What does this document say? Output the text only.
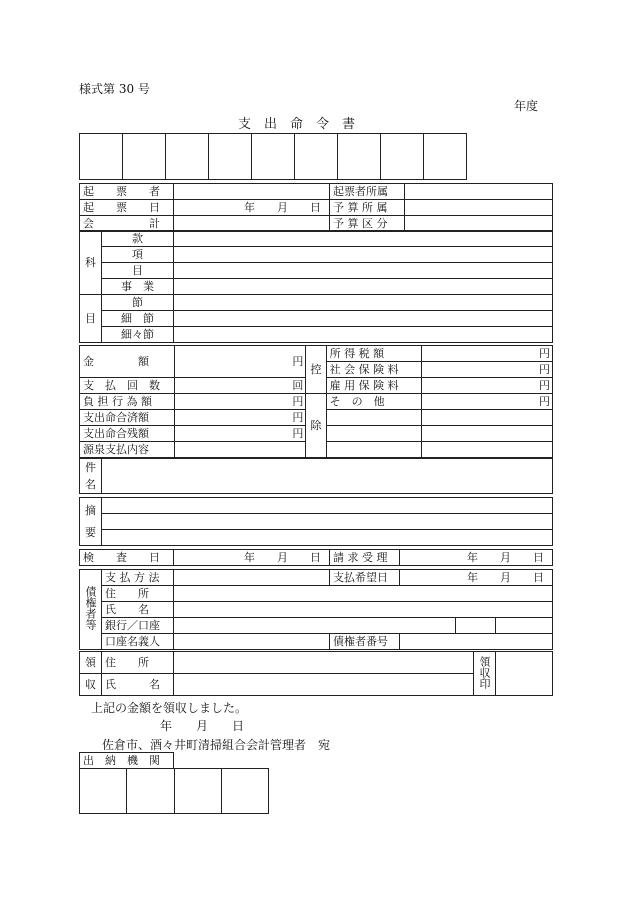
様式第 30 号
年度
支　出　命　令　書

起　　票　　者		起票者所属	
起　　票　　日	年　　月　　日	予 算 所 属	
会　　　　　計		予 算 区 分	
科	款	
	項	
	目	
	事　業	
目	節	
	細　節	
	細々節	
金　　　　額		円	控	所 得 税 額		円
				社 会 保 険 料		円
支　払　回　数		回		雇 用 保 険 料		円
負 担 行 為 額		円	除	そ　の　他		円
支出命合済額		円				
支出命合残額		円				
源泉支払内容						
件
名	
摘
要	

検　　査　　日	年　　月　　日	請 求 受 理	年　　月　　日
債権者等	支 払 方 法		支払希望日	年　　月　　日		
	住　　所					
	氏　　名					
	銀行／口座					
	口座名義人		債権者番号			
領	住　　所		領収印	
収	氏　　　名			
上記の金額を領収しました。
年　　月　　日
佐倉市、酒々井町清掃組合会計管理者　宛
出　納　機　関	
